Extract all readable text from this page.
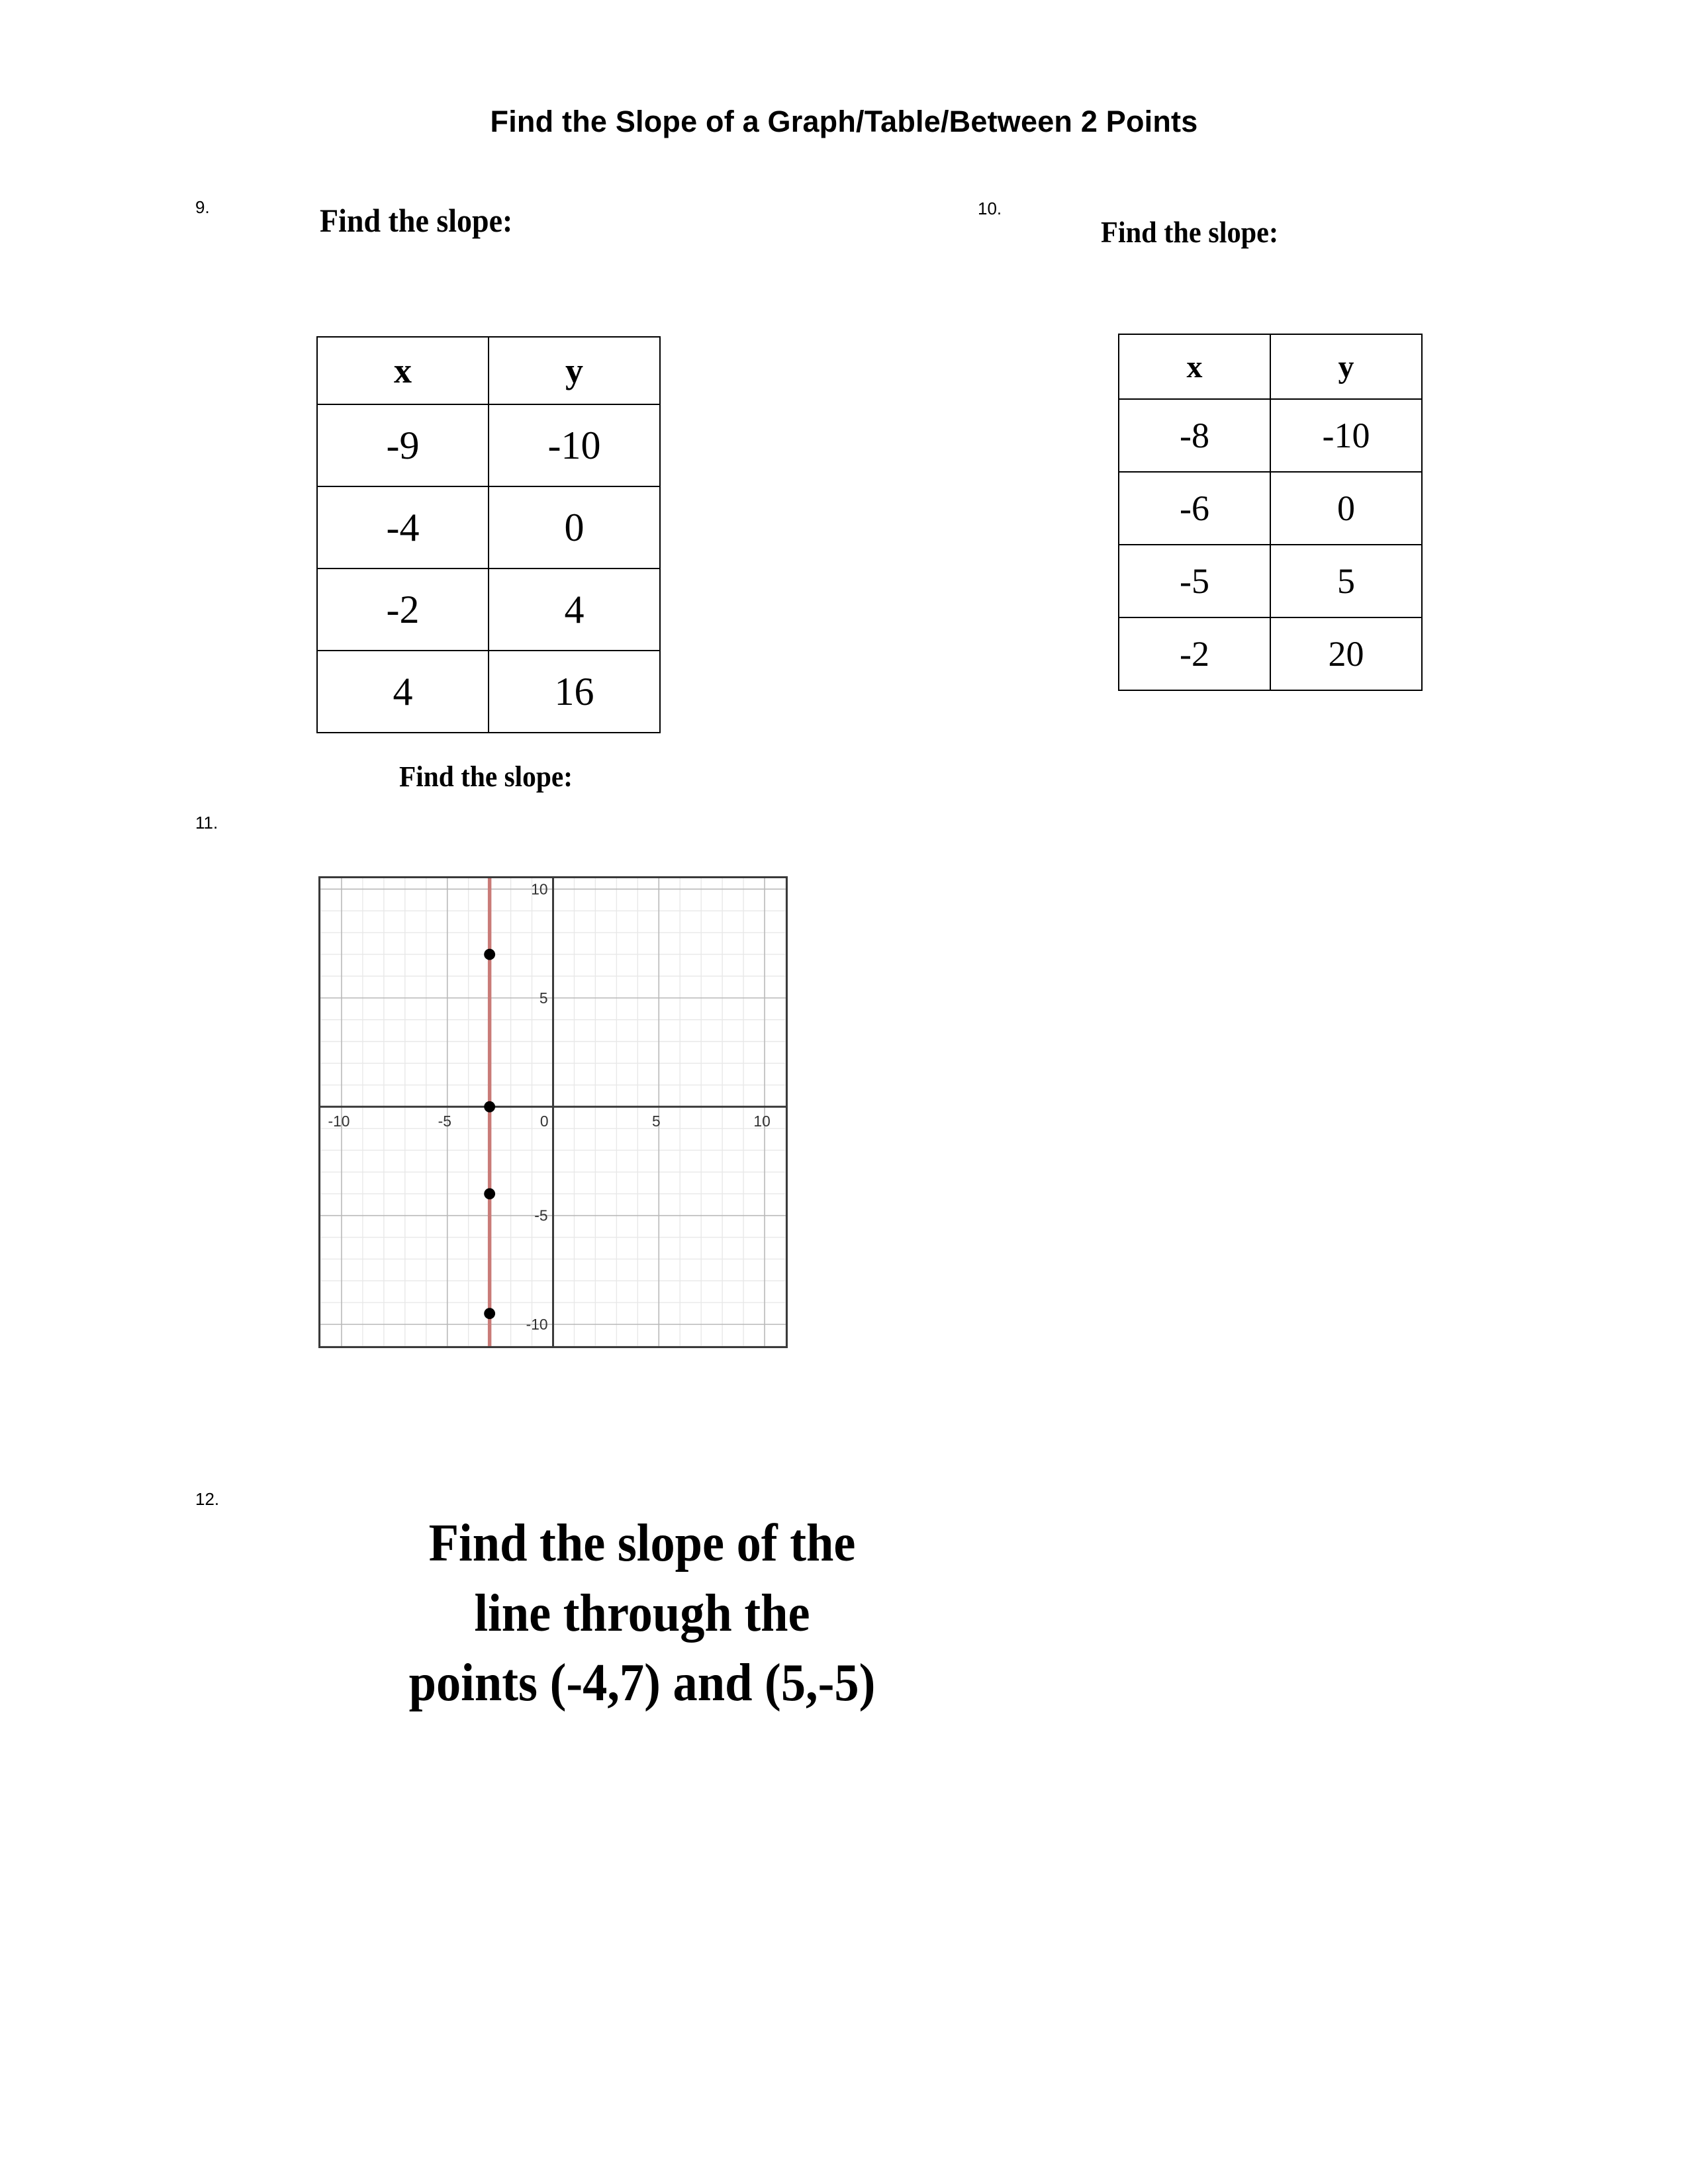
Find the Slope of a Graph/Table/Between 2 Points
9.	Find the slope:
x	y
-9	-10
-4	0
-2	4
4	16
10.
Find the slope:
x	y
-8	-10
-6	0
-5	5
-2	20
11.
Find the slope:
-10	-5	0	5	10
10
5
-5
-10
12.
Find the slope of the
line through the
points (-4,7) and (5,-5)
